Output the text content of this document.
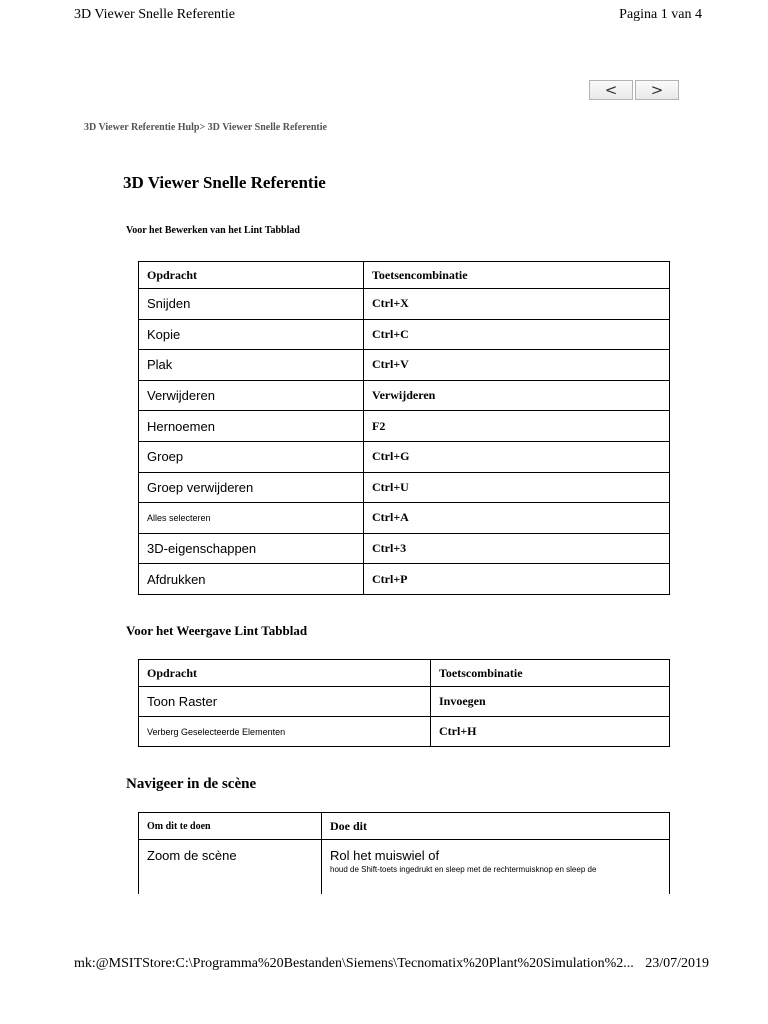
3D Viewer Snelle Referentie	Pagina 1 van 4
< >
3D Viewer Referentie Hulp> 3D Viewer Snelle Referentie
3D Viewer Snelle Referentie
Voor het Bewerken van het Lint Tabblad
Opdracht	Toetsencombinatie
Snijden	Ctrl+X
Kopie	Ctrl+C
Plak	Ctrl+V
Verwijderen	Verwijderen
Hernoemen	F2
Groep	Ctrl+G
Groep verwijderen	Ctrl+U
Alles selecteren	Ctrl+A
3D-eigenschappen	Ctrl+3
Afdrukken	Ctrl+P
Voor het Weergave Lint Tabblad
Opdracht	Toetscombinatie
Toon Raster	Invoegen
Verberg Geselecteerde Elementen	Ctrl+H
Navigeer in de scène
Om dit te doen	Doe dit
Zoom de scène	Rol het muiswiel of
houd de Shift-toets ingedrukt en sleep met de rechtermuisknop en sleep de
mk:@MSITStore:C:\Programma%20Bestanden\Siemens\Tecnomatix%20Plant%20Simulation%2... 23/07/2019
